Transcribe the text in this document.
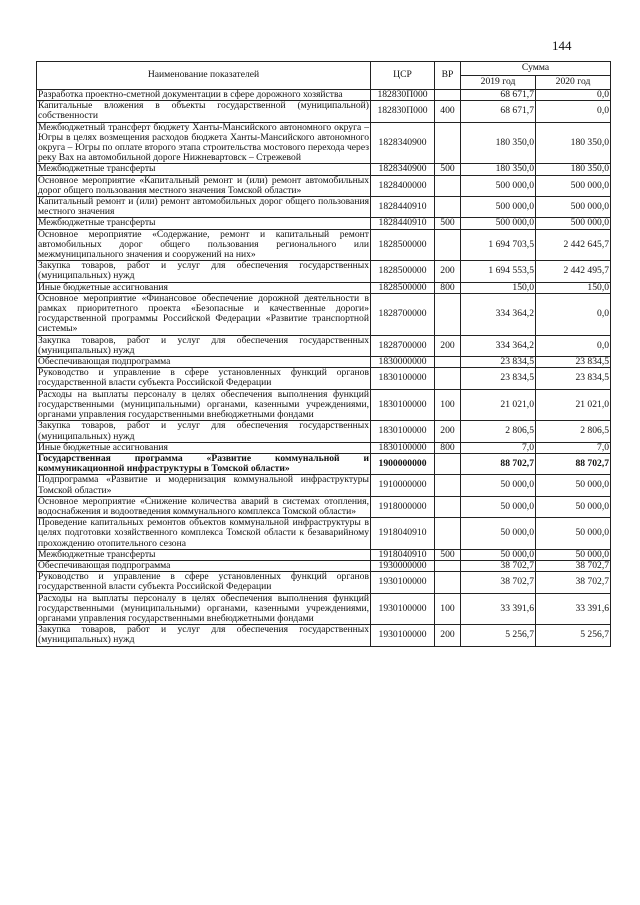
144
Наименование показателей	ЦСР	ВР	Сумма	
			2019 год	2020 год
Разработка проектно-сметной документации в сфере дорожного хозяйства	182830П000		68 671,7	0,0
Капитальные вложения в объекты государственной (муниципальной) собственности	182830П000	400	68 671,7	0,0
Межбюджетный трансферт бюджету Ханты-Мансийского автономного округа – Югры в целях возмещения расходов бюджета Ханты-Мансийского автономного округа – Югры по оплате второго этапа строительства мостового перехода через реку Вах на автомобильной дороге Нижневартовск – Стрежевой	1828340900		180 350,0	180 350,0
Межбюджетные трансферты	1828340900	500	180 350,0	180 350,0
Основное мероприятие «Капитальный ремонт и (или) ремонт автомобильных дорог общего пользования местного значения Томской области»	1828400000		500 000,0	500 000,0
Капитальный ремонт и (или) ремонт автомобильных дорог общего пользования местного значения	1828440910		500 000,0	500 000,0
Межбюджетные трансферты	1828440910	500	500 000,0	500 000,0
Основное мероприятие «Содержание, ремонт и капитальный ремонт автомобильных дорог общего пользования регионального или межмуниципального значения и сооружений на них»	1828500000		1 694 703,5	2 442 645,7
Закупка товаров, работ и услуг для обеспечения государственных (муниципальных) нужд	1828500000	200	1 694 553,5	2 442 495,7
Иные бюджетные ассигнования	1828500000	800	150,0	150,0
Основное мероприятие «Финансовое обеспечение дорожной деятельности в рамках приоритетного проекта «Безопасные и качественные дороги» государственной программы Российской Федерации «Развитие транспортной системы»	1828700000		334 364,2	0,0
Закупка товаров, работ и услуг для обеспечения государственных (муниципальных) нужд	1828700000	200	334 364,2	0,0
Обеспечивающая подпрограмма	1830000000		23 834,5	23 834,5
Руководство и управление в сфере установленных функций органов государственной власти субъекта Российской Федерации	1830100000		23 834,5	23 834,5
Расходы на выплаты персоналу в целях обеспечения выполнения функций государственными (муниципальными) органами, казенными учреждениями, органами управления государственными внебюджетными фондами	1830100000	100	21 021,0	21 021,0
Закупка товаров, работ и услуг для обеспечения государственных (муниципальных) нужд	1830100000	200	2 806,5	2 806,5
Иные бюджетные ассигнования	1830100000	800	7,0	7,0
Государственная программа «Развитие коммунальной и коммуникационной инфраструктуры в Томской области»	1900000000		88 702,7	88 702,7
Подпрограмма «Развитие и модернизация коммунальной инфраструктуры Томской области»	1910000000		50 000,0	50 000,0
Основное мероприятие «Снижение количества аварий в системах отопления, водоснабжения и водоотведения коммунального комплекса Томской области»	1918000000		50 000,0	50 000,0
Проведение капитальных ремонтов объектов коммунальной инфраструктуры в целях подготовки хозяйственного комплекса Томской области к безаварийному прохождению отопительного сезона	1918040910		50 000,0	50 000,0
Межбюджетные трансферты	1918040910	500	50 000,0	50 000,0
Обеспечивающая подпрограмма	1930000000		38 702,7	38 702,7
Руководство и управление в сфере установленных функций органов государственной власти субъекта Российской Федерации	1930100000		38 702,7	38 702,7
Расходы на выплаты персоналу в целях обеспечения выполнения функций государственными (муниципальными) органами, казенными учреждениями, органами управления государственными внебюджетными фондами	1930100000	100	33 391,6	33 391,6
Закупка товаров, работ и услуг для обеспечения государственных (муниципальных) нужд	1930100000	200	5 256,7	5 256,7
